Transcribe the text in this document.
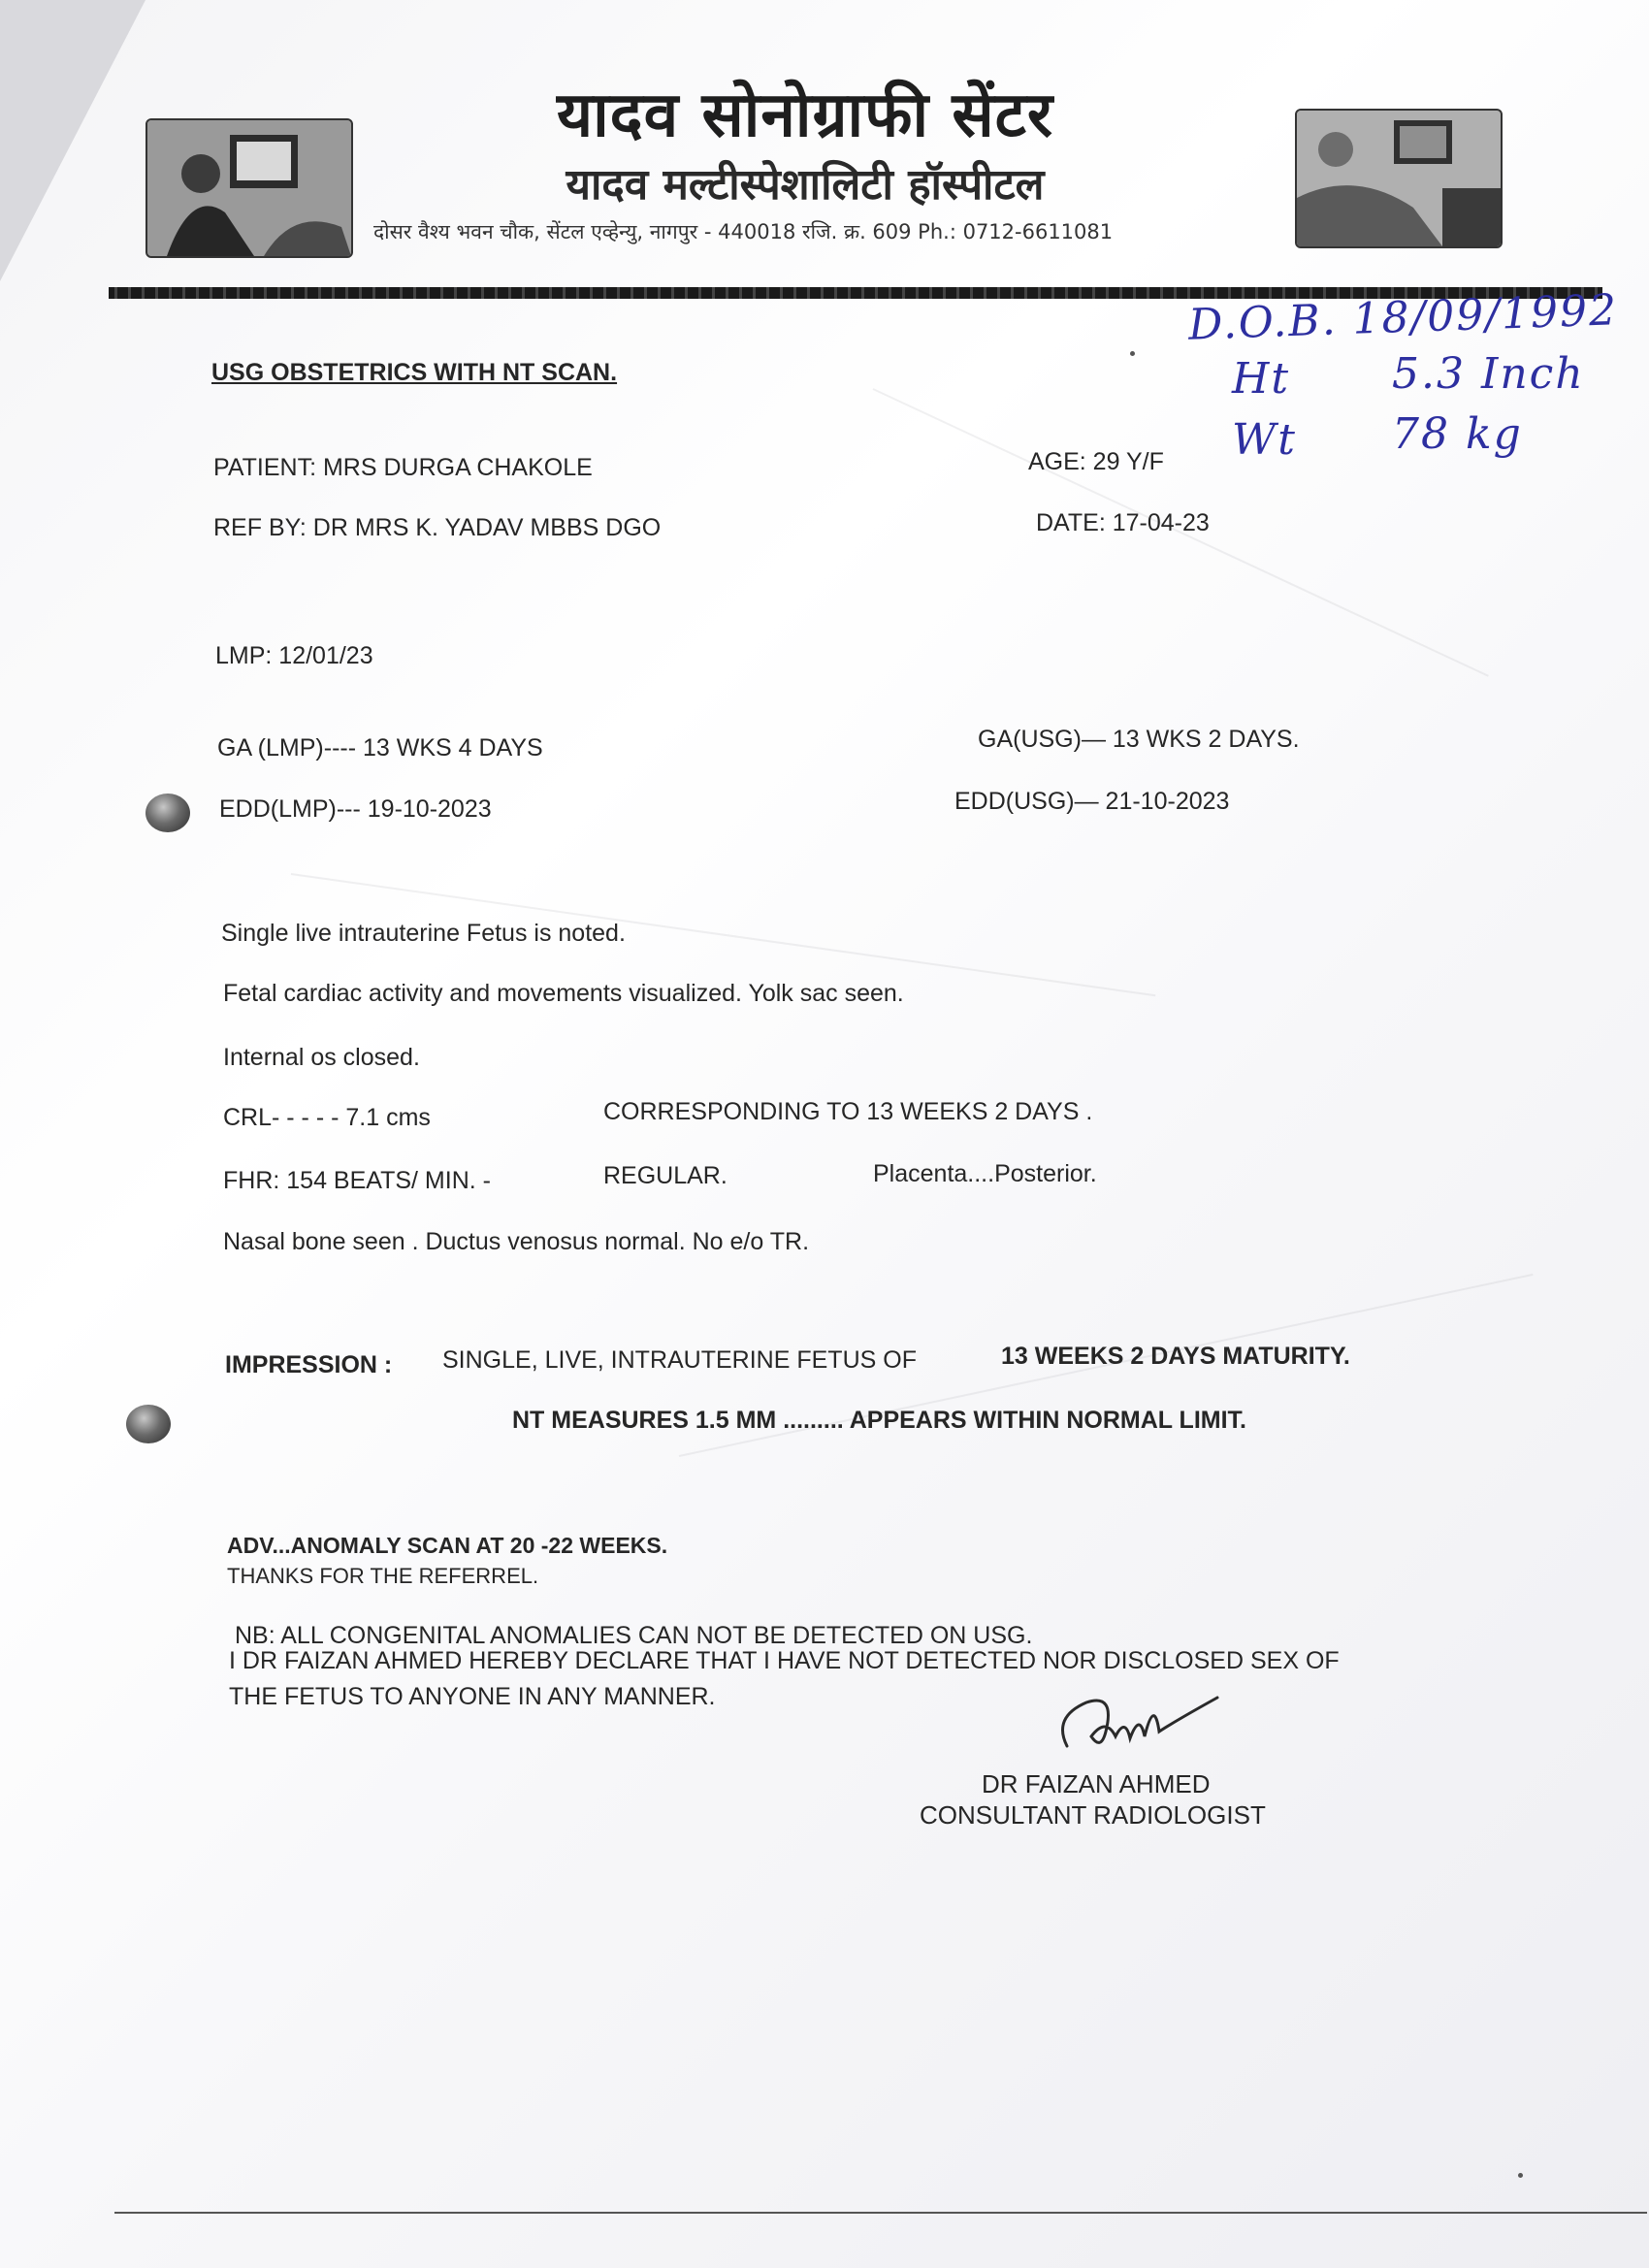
यादव सोनोग्राफी सेंटर
यादव मल्टीस्पेशालिटी हॉस्पीटल
दोसर वैश्य भवन चौक, सेंटल एव्हेन्यु, नागपुर - 440018 रजि. क्र. 609 Ph.: 0712-6611081
D.O.B. 18/09/1992
Ht 5.3 Inch
Wt 78 kg
USG OBSTETRICS WITH NT SCAN.
PATIENT: MRS DURGA CHAKOLE
REF BY: DR MRS K. YADAV MBBS DGO
AGE: 29 Y/F
DATE: 17-04-23
LMP: 12/01/23
GA (LMP)---- 13 WKS 4 DAYS
EDD(LMP)--- 19-10-2023
GA(USG)— 13 WKS 2 DAYS.
EDD(USG)— 21-10-2023
Single live intrauterine Fetus is noted.
Fetal cardiac activity and movements visualized. Yolk sac seen.
Internal os closed.
CRL- - - - - 7.1 cms	CORRESPONDING TO 13 WEEKS 2 DAYS .
FHR: 154 BEATS/ MIN. -	REGULAR.	Placenta....Posterior.
Nasal bone seen . Ductus venosus normal. No e/o TR.
IMPRESSION : SINGLE, LIVE, INTRAUTERINE FETUS OF	13 WEEKS 2 DAYS MATURITY.
NT MEASURES 1.5 MM ......... APPEARS WITHIN NORMAL LIMIT.
ADV...ANOMALY SCAN AT 20 -22 WEEKS.
THANKS FOR THE REFERREL.
NB: ALL CONGENITAL ANOMALIES CAN NOT BE DETECTED ON USG.
I DR FAIZAN AHMED HEREBY DECLARE THAT I HAVE NOT DETECTED NOR DISCLOSED SEX OF
THE FETUS TO ANYONE IN ANY MANNER.
DR FAIZAN AHMED
CONSULTANT RADIOLOGIST
